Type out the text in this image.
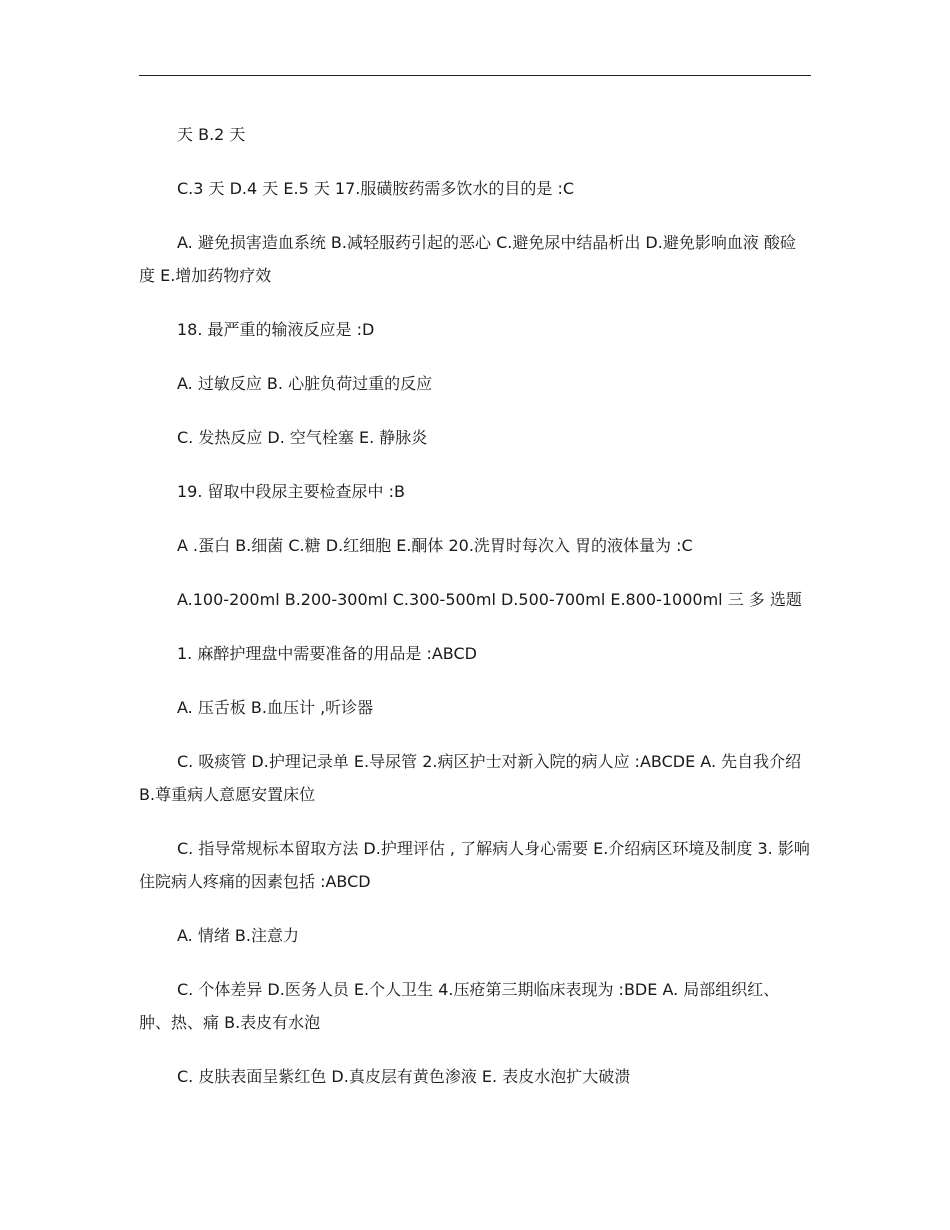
天 B.2 天

C.3 天 D.4 天 E.5 天 17.服磺胺药需多饮水的目的是 :C

A. 避免损害造血系统 B.减轻服药引起的恶心 C.避免尿中结晶析出 D.避免影响血液 酸硷度 E.增加药物疗效

18. 最严重的输液反应是 :D

A. 过敏反应 B. 心脏负荷过重的反应

C. 发热反应 D. 空气栓塞 E. 静脉炎

19. 留取中段尿主要检查尿中 :B

A .蛋白 B.细菌 C.糖 D.红细胞 E.酮体 20.洗胃时每次入 胃的液体量为 :C

A.100-200ml B.200-300ml C.300-500ml D.500-700ml E.800-1000ml 三 多 选题

1. 麻醉护理盘中需要准备的用品是 :ABCD

A. 压舌板 B.血压计 ,听诊器

C. 吸痰管 D.护理记录单 E.导尿管 2.病区护士对新入院的病人应 :ABCDE A. 先自我介绍 B.尊重病人意愿安置床位

C. 指导常规标本留取方法 D.护理评估 , 了解病人身心需要 E.介绍病区环境及制度 3. 影响住院病人疼痛的因素包括 :ABCD

A. 情绪 B.注意力

C. 个体差异 D.医务人员 E.个人卫生 4.压疮第三期临床表现为 :BDE A. 局部组织红、肿、热、痛 B.表皮有水泡

C. 皮肤表面呈紫红色 D.真皮层有黄色渗液 E. 表皮水泡扩大破溃
